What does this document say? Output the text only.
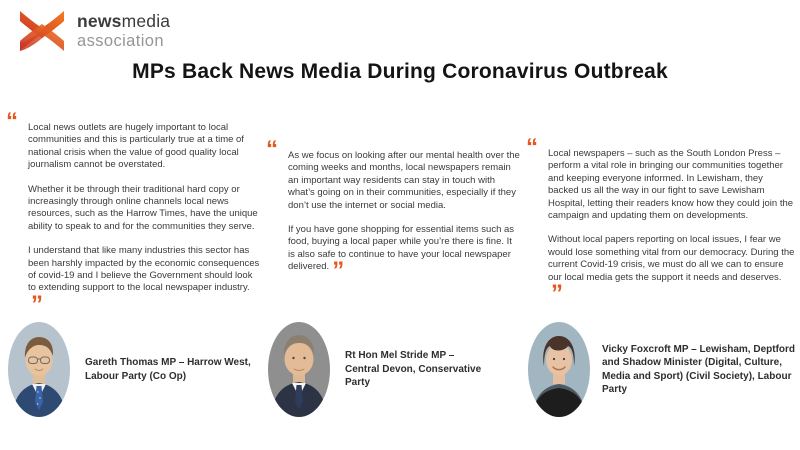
newsmedia
association
MPs Back News Media During Coronavirus Outbreak
“ Local news outlets are hugely important to local communities and this is particularly true at a time of national crisis when the value of good quality local journalism cannot be overstated.

Whether it be through their traditional hard copy or increasingly through online channels local news resources, such as the Harrow Times, have the unique ability to speak to and for the communities they serve.

I understand that like many industries this sector has been harshly impacted by the economic consequences of covid-19 and I believe the Government should look to extending support to the local newspaper industry.”

“ As we focus on looking after our mental health over the coming weeks and months, local newspapers remain an important way residents can stay in touch with what’s going on in their communities, especially if they don’t use the internet or social media.

If you have gone shopping for essential items such as food, buying a local paper while you’re there is fine. It is also safe to continue to have your local newspaper delivered. ”

“ Local newspapers – such as the South London Press – perform a vital role in bringing our communities together and keeping everyone informed. In Lewisham, they backed us all the way in our fight to save Lewisham Hospital, letting their readers know how they could join the campaign and updating them on developments.

Without local papers reporting on local issues, I fear we would lose something vital from our democracy. During the current Covid-19 crisis, we must do all we can to ensure our local media gets the support it needs and deserves.”

Gareth Thomas MP – Harrow West, Labour Party (Co Op)
Rt Hon Mel Stride MP – Central Devon, Conservative Party
Vicky Foxcroft MP – Lewisham, Deptford and Shadow Minister (Digital, Culture, Media and Sport) (Civil Society), Labour Party
